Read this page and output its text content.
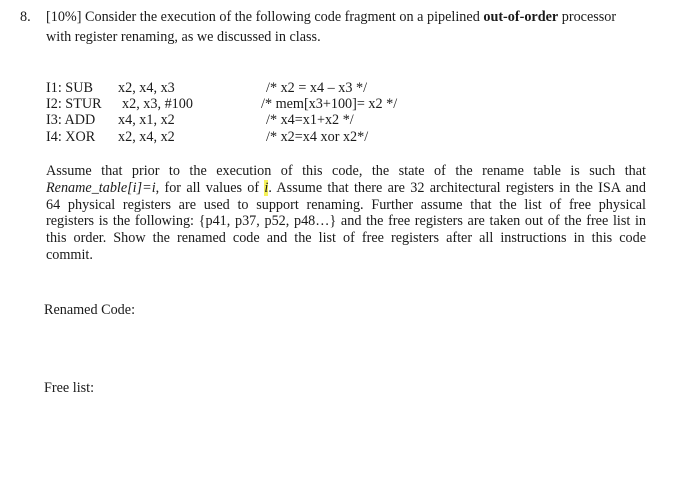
8. [10%] Consider the execution of the following code fragment on a pipelined out-of-order processor
with register renaming, as we discussed in class.
I1: SUB x2, x4, x3	/* x2 = x4 – x3 */
I2: STUR x2, x3, #100	/* mem[x3+100]= x2 */
I3: ADD x4, x1, x2	/* x4=x1+x2 */
I4: XOR x2, x4, x2	/* x2=x4 xor x2*/
Assume that prior to the execution of this code, the state of the rename table is such that
Rename_table[i]=i, for all values of i. Assume that there are 32 architectural registers in the ISA and
64 physical registers are used to support renaming. Further assume that the list of free physical
registers is the following: {p41, p37, p52, p48…} and the free registers are taken out of the free list in
this order. Show the renamed code and the list of free registers after all instructions in this code
commit.
Renamed Code:
Free list:
